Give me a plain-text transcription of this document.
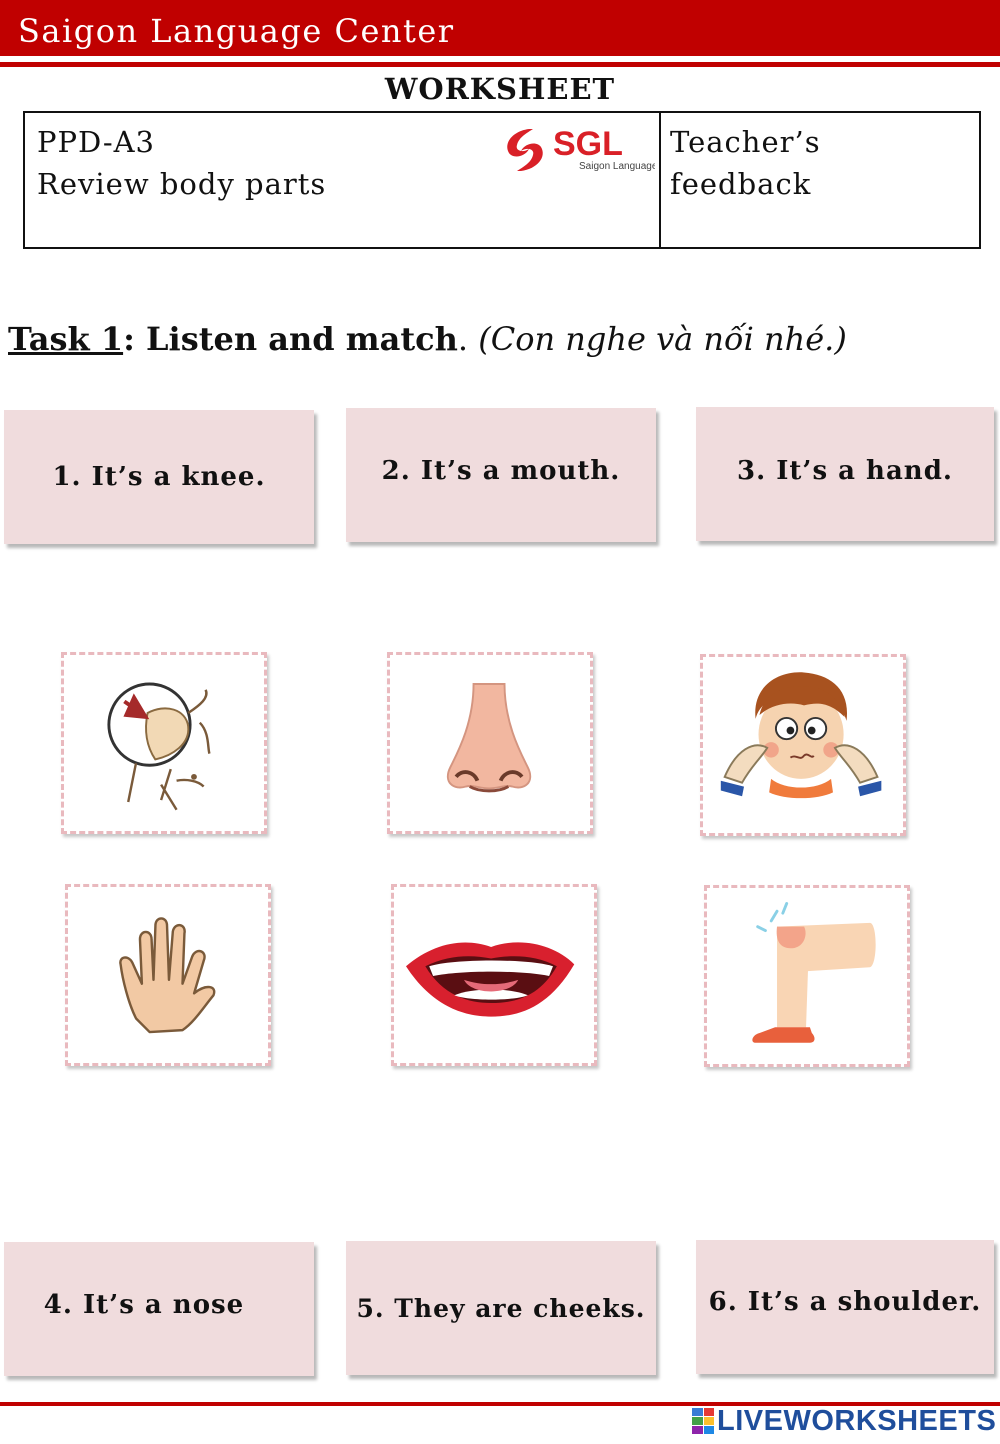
Saigon Language Center
WORKSHEET
PPD-A3
Review body parts
SGL
Saigon Language
Teacher’s
feedback
Task 1: Listen and match. (Con nghe và nối nhé.)
1. It’s a knee.	2. It’s a mouth.	3. It’s a hand.
4. It’s a nose	5. They are cheeks. 6. It’s a shoulder.
LIVEWORKSHEETS
